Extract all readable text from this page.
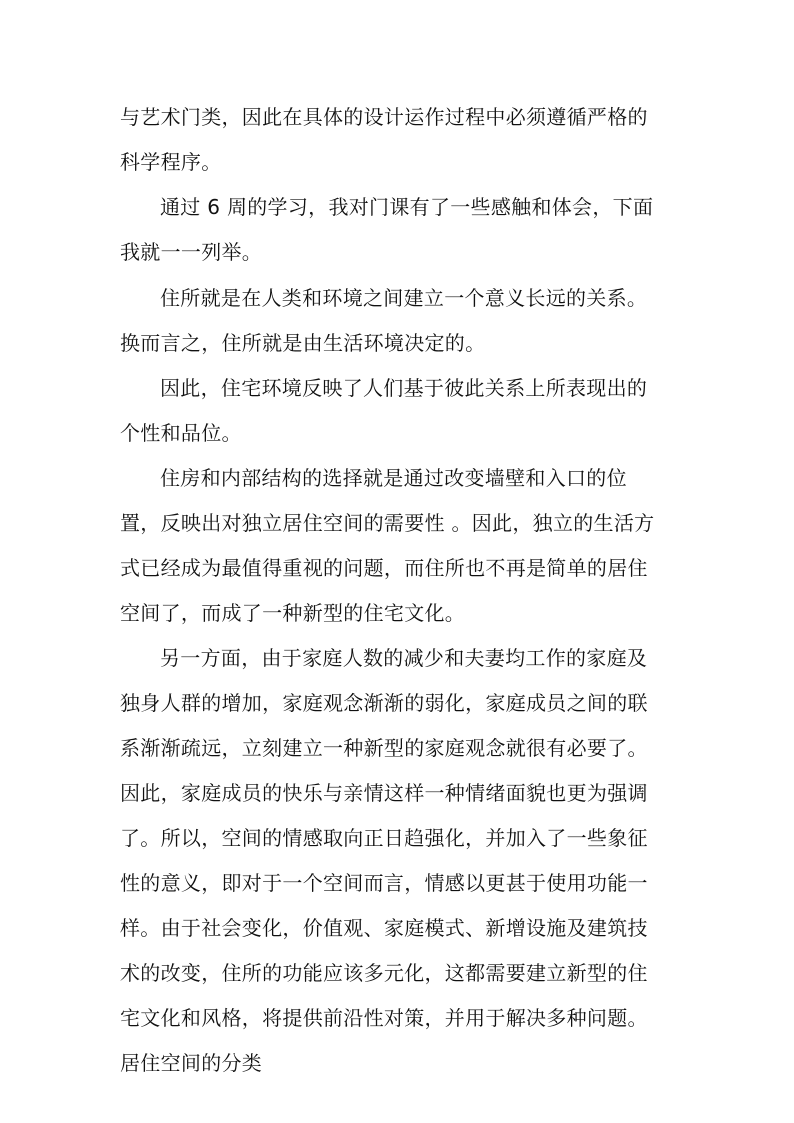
与艺术门类，因此在具体的设计运作过程中必须遵循严格的
科学程序。
通过 6 周的学习，我对门课有了一些感触和体会，下面
我就一一列举。
住所就是在人类和环境之间建立一个意义长远的关系。
换而言之，住所就是由生活环境决定的。
因此，住宅环境反映了人们基于彼此关系上所表现出的
个性和品位。
住房和内部结构的选择就是通过改变墙壁和入口的位
置，反映出对独立居住空间的需要性 。因此，独立的生活方
式已经成为最值得重视的问题，而住所也不再是简单的居住
空间了，而成了一种新型的住宅文化。
另一方面，由于家庭人数的减少和夫妻均工作的家庭及
独身人群的增加，家庭观念渐渐的弱化，家庭成员之间的联
系渐渐疏远，立刻建立一种新型的家庭观念就很有必要了。
因此，家庭成员的快乐与亲情这样一种情绪面貌也更为强调
了。所以，空间的情感取向正日趋强化，并加入了一些象征
性的意义，即对于一个空间而言，情感以更甚于使用功能一
样。由于社会变化，价值观、家庭模式、新增设施及建筑技
术的改变，住所的功能应该多元化，这都需要建立新型的住
宅文化和风格，将提供前沿性对策，并用于解决多种问题。
居住空间的分类
